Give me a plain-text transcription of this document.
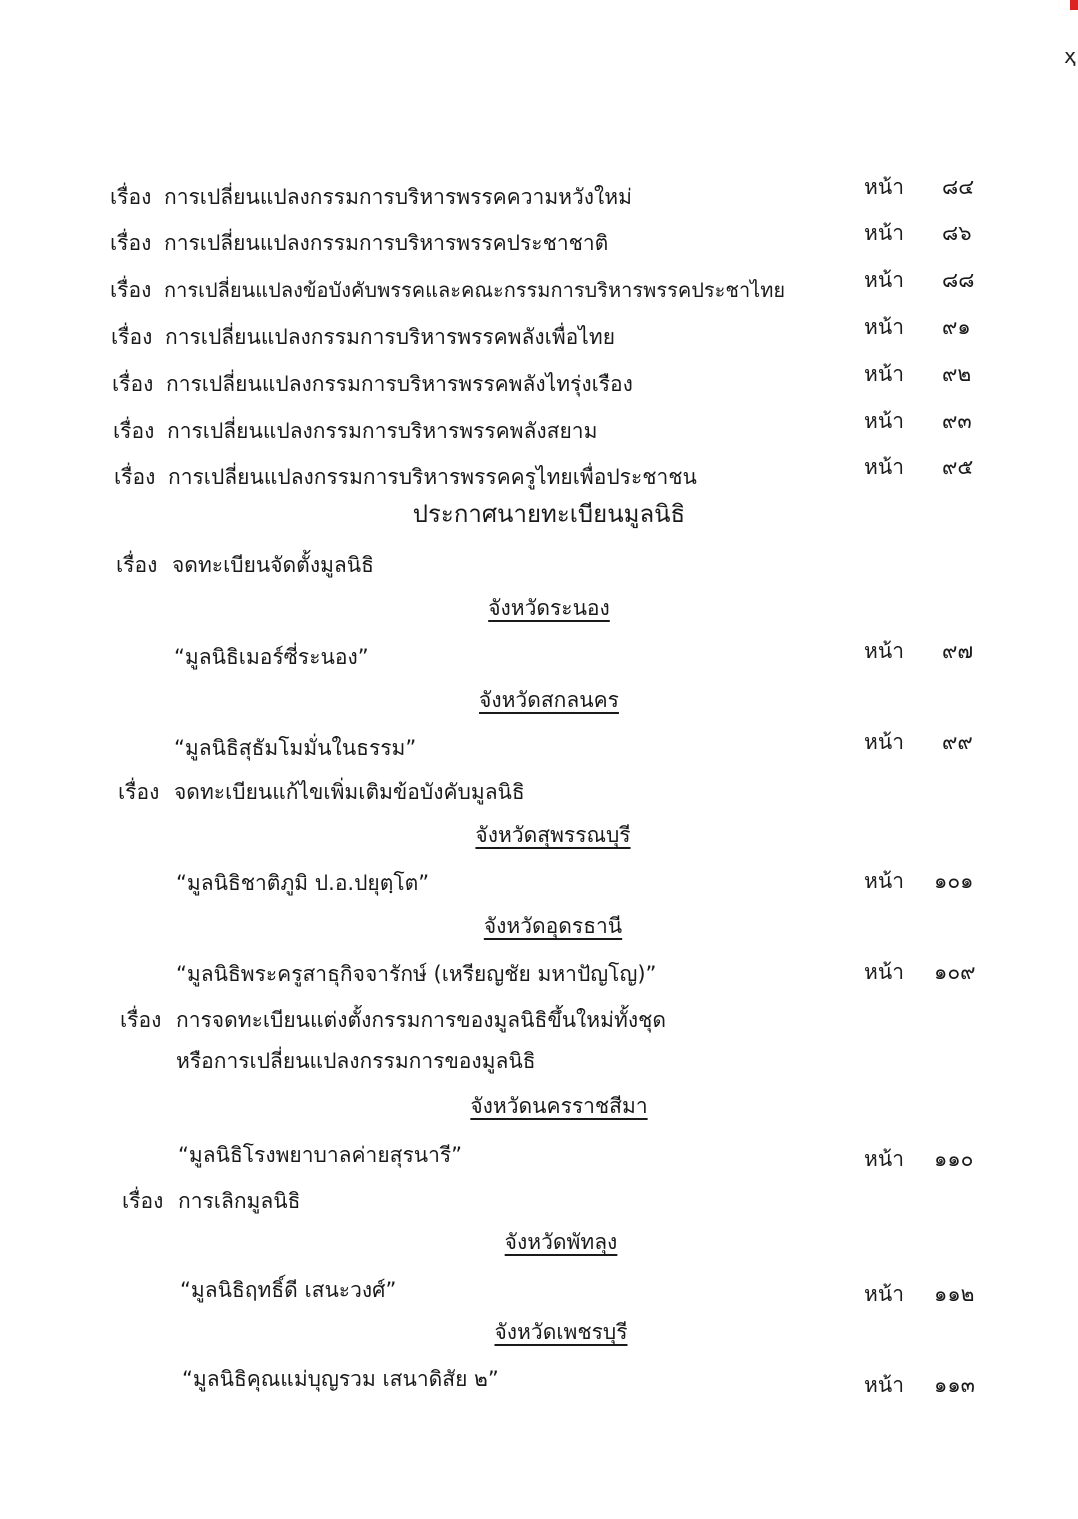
ҳ
เรื่อง การเปลี่ยนแปลงกรรมการบริหารพรรคความหวังใหม่	หน้า ๘๔
เรื่อง การเปลี่ยนแปลงกรรมการบริหารพรรคประชาชาติ	หน้า ๘๖
เรื่อง การเปลี่ยนแปลงข้อบังคับพรรคและคณะกรรมการบริหารพรรคประชาไทย	หน้า ๘๘
เรื่อง การเปลี่ยนแปลงกรรมการบริหารพรรคพลังเพื่อไทย	หน้า ๙๑
เรื่อง การเปลี่ยนแปลงกรรมการบริหารพรรคพลังไทรุ่งเรือง	หน้า ๙๒
เรื่อง การเปลี่ยนแปลงกรรมการบริหารพรรคพลังสยาม	หน้า ๙๓
เรื่อง การเปลี่ยนแปลงกรรมการบริหารพรรคครูไทยเพื่อประชาชน	หน้า ๙๕
ประกาศนายทะเบียนมูลนิธิ
เรื่อง จดทะเบียนจัดตั้งมูลนิธิ
จังหวัดระนอง
“มูลนิธิเมอร์ซี่ระนอง”	หน้า ๙๗
จังหวัดสกลนคร
“มูลนิธิสุธัมโมมั่นในธรรม”	หน้า ๙๙
เรื่อง จดทะเบียนแก้ไขเพิ่มเติมข้อบังคับมูลนิธิ
จังหวัดสุพรรณบุรี
“มูลนิธิชาติภูมิ ป.อ.ปยุตฺโต”	หน้า ๑๐๑
จังหวัดอุดรธานี
“มูลนิธิพระครูสาธุกิจจารักษ์ (เหรียญชัย มหาปัญโญ)”	หน้า ๑๐๙
เรื่อง การจดทะเบียนแต่งตั้งกรรมการของมูลนิธิขึ้นใหม่ทั้งชุด
หรือการเปลี่ยนแปลงกรรมการของมูลนิธิ
จังหวัดนครราชสีมา
“มูลนิธิโรงพยาบาลค่ายสุรนารี”	หน้า ๑๑๐
เรื่อง การเลิกมูลนิธิ
จังหวัดพัทลุง
“มูลนิธิฤทธิ์ดี เสนะวงศ์”	หน้า ๑๑๒
จังหวัดเพชรบุรี
“มูลนิธิคุณแม่บุญรวม เสนาดิสัย ๒”	หน้า ๑๑๓
